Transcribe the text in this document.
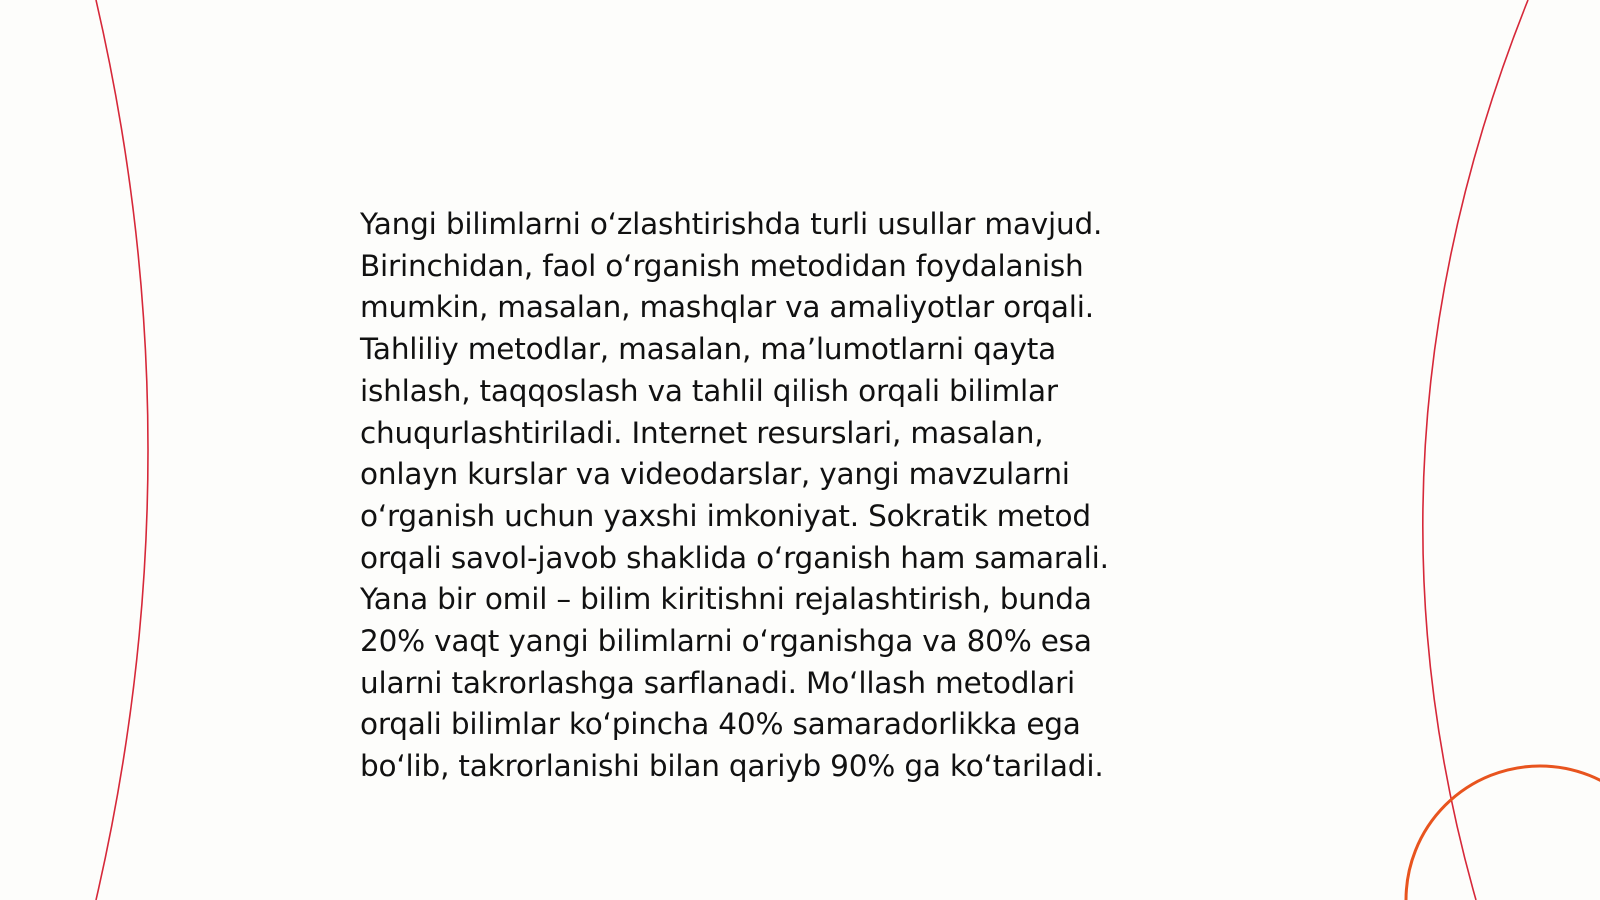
Yangi bilimlarni o‘zlashtirishda turli usullar mavjud.
Birinchidan, faol o‘rganish metodidan foydalanish
mumkin, masalan, mashqlar va amaliyotlar orqali.
Tahliliy metodlar, masalan, ma’lumotlarni qayta
ishlash, taqqoslash va tahlil qilish orqali bilimlar
chuqurlashtiriladi. Internet resurslari, masalan,
onlayn kurslar va videodarslar, yangi mavzularni
o‘rganish uchun yaxshi imkoniyat. Sokratik metod
orqali savol-javob shaklida o‘rganish ham samarali.
Yana bir omil – bilim kiritishni rejalashtirish, bunda
20% vaqt yangi bilimlarni o‘rganishga va 80% esa
ularni takrorlashga sarflanadi. Mo‘llash metodlari
orqali bilimlar ko‘pincha 40% samaradorlikka ega
bo‘lib, takrorlanishi bilan qariyb 90% ga ko‘tariladi.
